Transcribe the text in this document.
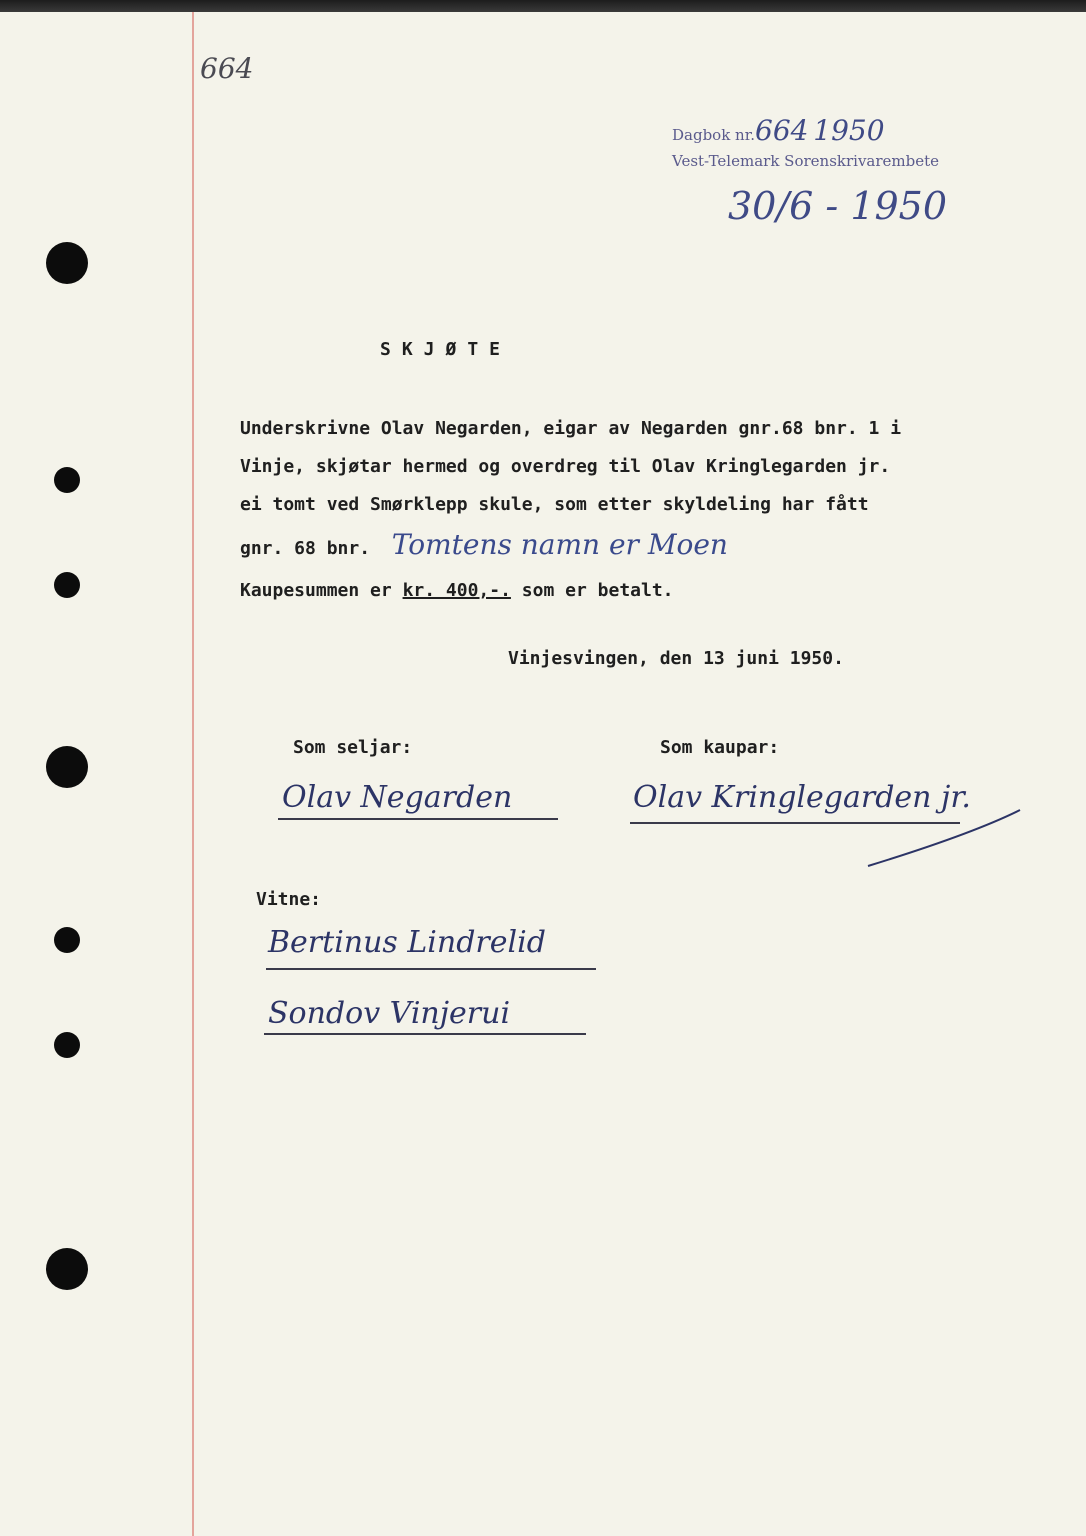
664
Dagbok nr.664 1950
Vest-Telemark Sorenskrivarembete
30/6 - 1950
SKJØTE
Underskrivne Olav Negarden, eigar av Negarden gnr.68 bnr. 1 i
Vinje, skjøtar hermed og overdreg til Olav Kringlegarden jr.
ei tomt ved Smørklepp skule, som etter skyldeling har fått
gnr. 68 bnr. Tomtens namn er Moen
Kaupesummen er kr. 400,-. som er betalt.
Vinjesvingen, den 13 juni 1950.
Som seljar:	Som kaupar:
Olav Negarden	Olav Kringlegarden jr.
Vitne:
Bertinus Lindrelid
Sondov Vinjerui
